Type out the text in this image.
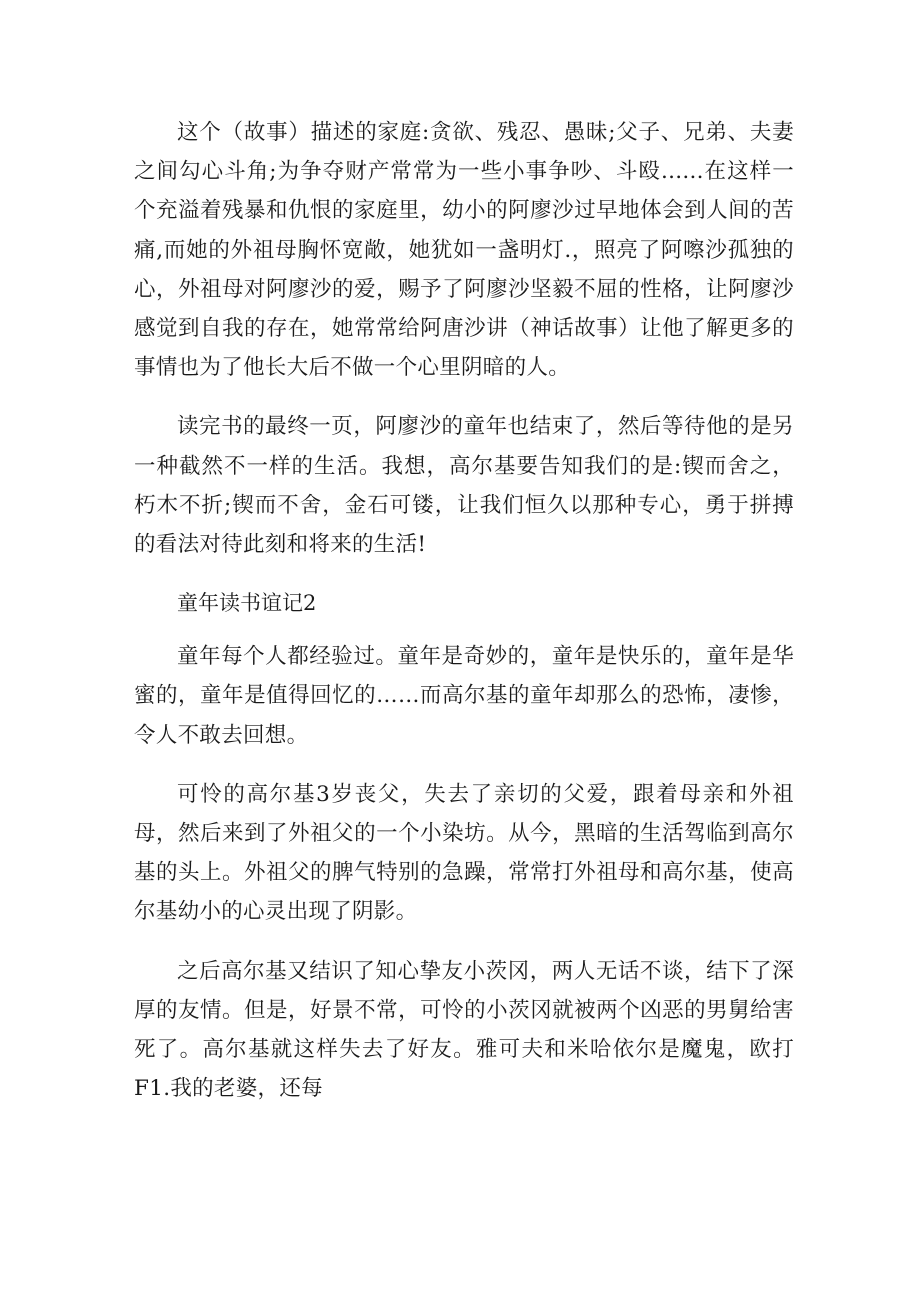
这个（故事）描述的家庭:贪欲、残忍、愚昧;父子、兄弟、夫妻之间勾心斗角;为争夺财产常常为一些小事争吵、斗殴......在这样一个充溢着残暴和仇恨的家庭里，幼小的阿廖沙过早地体会到人间的苦痛,而她的外祖母胸怀宽敞，她犹如一盏明灯.，照亮了阿嚓沙孤独的心，外祖母对阿廖沙的爱，赐予了阿廖沙坚毅不屈的性格，让阿廖沙感觉到自我的存在，她常常给阿唐沙讲（神话故事）让他了解更多的事情也为了他长大后不做一个心里阴暗的人。

读完书的最终一页，阿廖沙的童年也结束了，然后等待他的是另一种截然不一样的生活。我想，高尔基要告知我们的是:锲而舍之，朽木不折;锲而不舍，金石可镂，让我们恒久以那种专心，勇于拼搏的看法对待此刻和将来的生活!

童年读书谊记2

童年每个人都经验过。童年是奇妙的，童年是快乐的，童年是华蜜的，童年是值得回忆的……而高尔基的童年却那么的恐怖，凄惨，令人不敢去回想。

可怜的高尔基3岁丧父，失去了亲切的父爱，跟着母亲和外祖母，然后来到了外祖父的一个小染坊。从今，黑暗的生活驾临到高尔基的头上。外祖父的脾气特别的急躁，常常打外祖母和高尔基，使高尔基幼小的心灵出现了阴影。

之后高尔基又结识了知心挚友小茨冈，两人无话不谈，结下了深厚的友情。但是，好景不常，可怜的小茨冈就被两个凶恶的男舅给害死了。高尔基就这样失去了好友。雅可夫和米哈依尔是魔鬼，欧打F1.我的老婆，还每
